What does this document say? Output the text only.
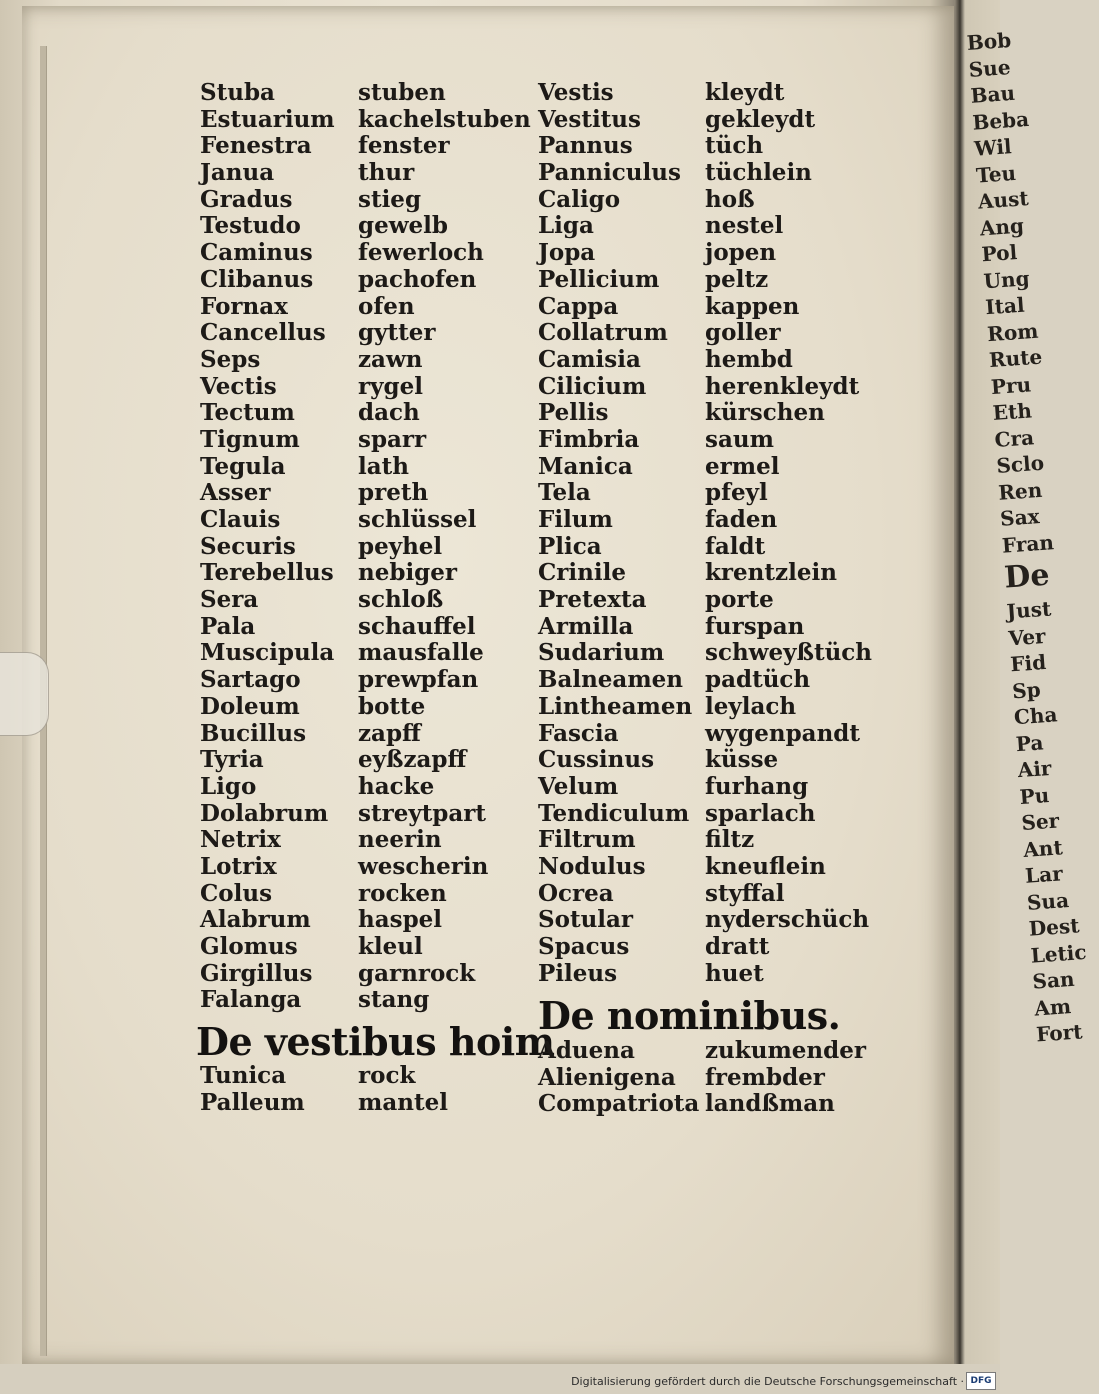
Stuba
Estuarium
Fenestra
Janua
Gradus
Testudo
Caminus
Clibanus
Fornax
Cancellus
Seps
Vectis
Tectum
Tignum
Tegula
Asser
Clauis
Securis
Terebellus
Sera
Pala
Muscipula
Sartago
Doleum
Bucillus
Tyria
Ligo
Dolabrum
Netrix
Lotrix
Colus
Alabrum
Glomus
Girgillus
Falanga
stuben
kachelstuben
fenster
thur
stieg
gewelb
fewerloch
pachofen
ofen
gytter
zawn
rygel
dach
sparr
lath
preth
schlüssel
peyhel
nebiger
schloß
schauffel
mausfalle
prewpfan
botte
zapff
eyßzapff
hacke
streytpart
neerin
wescherin
rocken
haspel
kleul
garnrock
stang
Vestis
Vestitus
Pannus
Panniculus
Caligo
Liga
Jopa
Pellicium
Cappa
Collatrum
Camisia
Cilicium
Pellis
Fimbria
Manica
Tela
Filum
Plica
Crinile
Pretexta
Armilla
Sudarium
Balneamen
Lintheamen
Fascia
Cussinus
Velum
Tendiculum
Filtrum
Nodulus
Ocrea
Sotular
Spacus
Pileus
kleydt
gekleydt
tüch
tüchlein
hoß
nestel
jopen
peltz
kappen
goller
hembd
herenkleydt
kürschen
saum
ermel
pfeyl
faden
faldt
krentzlein
porte
furspan
schweyßtüch
padtüch
leylach
wygenpandt
küsse
furhang
sparlach
filtz
kneuflein
styffal
nyderschüch
dratt
huet
De vestibus hoim
De nominibus.
Tunica	rock
Palleum mantel
Aduena	zukumender
Alienigena frembder
Compatriota landßman
Bob
Sue
Bau
Beba
Wil
Teu
Aust
Ang
Pol
Ung
Ital
Rom
Rute
Pru
Eth
Cra
Sclo
Ren
Sax
Fran
De
Just
Ver
Fid
Sp
Cha
Pa
Air
Pu
Ser
Ant
Lar
Sua
Dest
Letic
San
Am
Fort
Digitalisierung gefördert durch die Deutsche Forschungsgemeinschaft · DFG
